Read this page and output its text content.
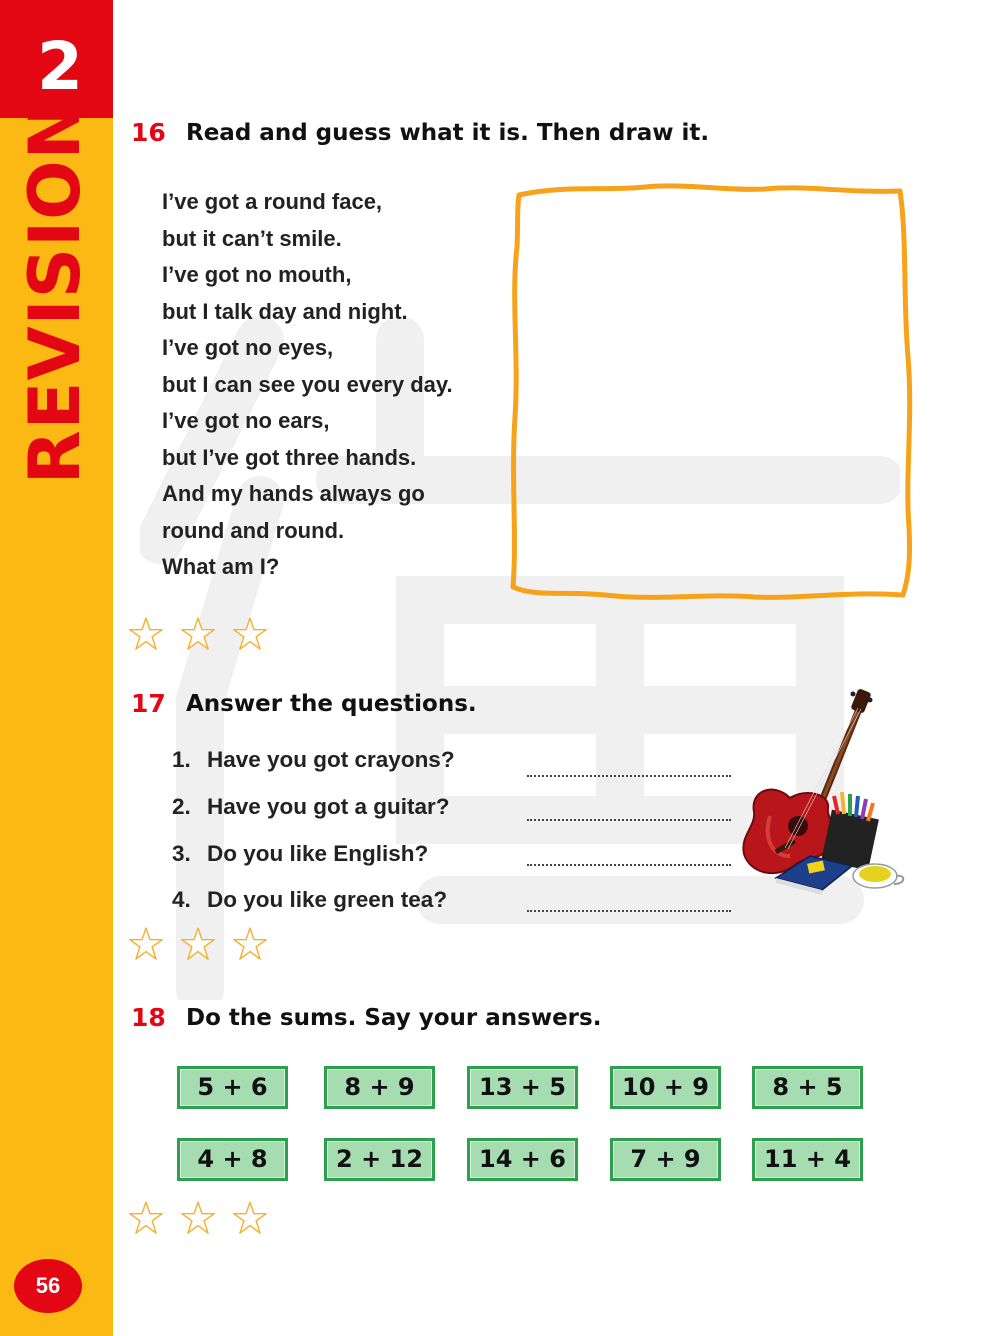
2
REVISION
56
16 Read and guess what it is. Then draw it.
I’ve got a round face,
but it can’t smile.
I’ve got no mouth,
but I talk day and night.
I’ve got no eyes,
but I can see you every day.
I’ve got no ears,
but I’ve got three hands.
And my hands always go
round and round.
What am I?
17 Answer the questions.
1. Have you got crayons?
2. Have you got a guitar?
3. Do you like English?
4. Do you like green tea?
18 Do the sums. Say your answers.
5 + 6	8 + 9	13 + 5	10 + 9	8 + 5
4 + 8	2 + 12	14 + 6	7 + 9	11 + 4
